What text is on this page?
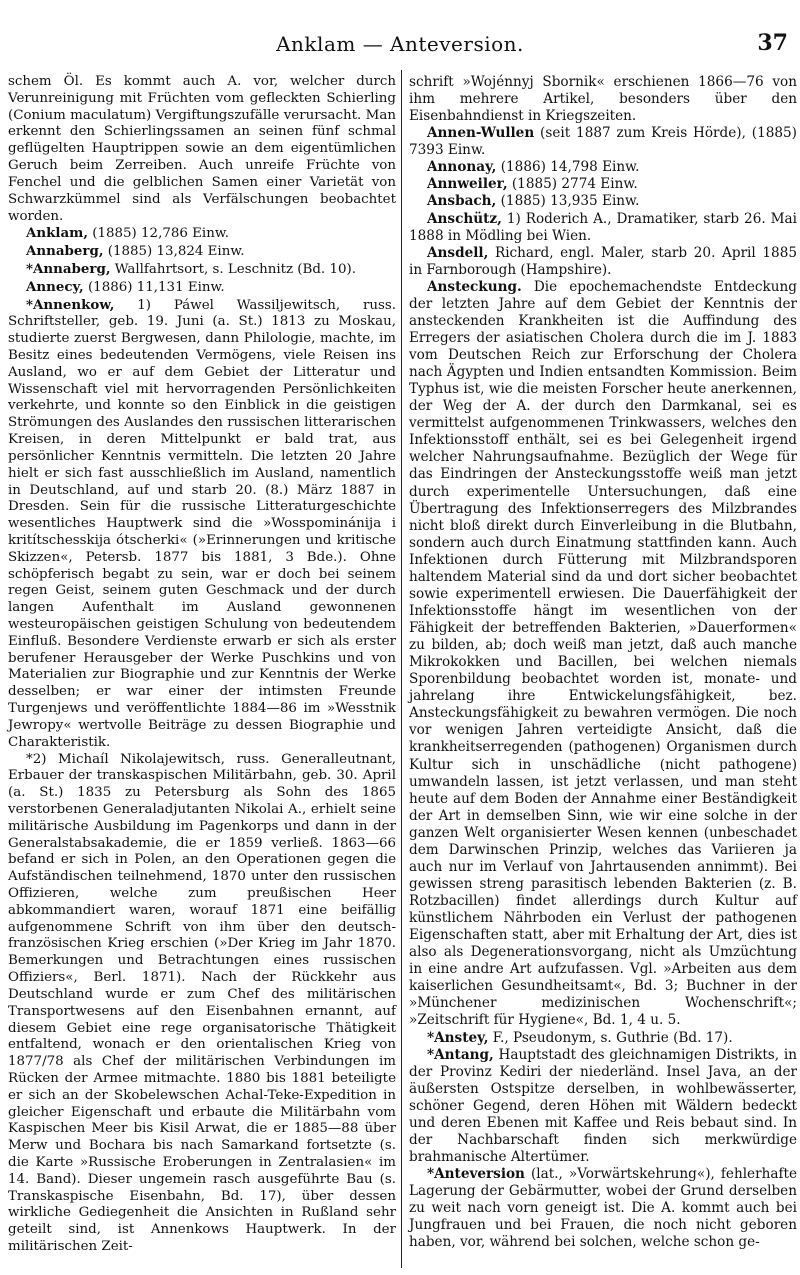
Anklam — Anteversion.	37

schem Öl. Es kommt auch A. vor, welcher durch Verunreinigung mit Früchten vom gefleckten Schierling (Conium maculatum) Vergiftungszufälle verursacht. Man erkennt den Schierlingssamen an seinen fünf schmal geflügelten Hauptrippen sowie an dem eigentümlichen Geruch beim Zerreiben. Auch unreife Früchte von Fenchel und die gelblichen Samen einer Varietät von Schwarzkümmel sind als Verfälschungen beobachtet worden.

Anklam, (1885) 12,786 Einw.

Annaberg, (1885) 13,824 Einw.

*Annaberg, Wallfahrtsort, s. Leschnitz (Bd. 10).

Annecy, (1886) 11,131 Einw.

*Annenkow, 1) Páwel Wassiljewitsch, russ. Schriftsteller, geb. 19. Juni (a. St.) 1813 zu Moskau, studierte zuerst Bergwesen, dann Philologie, machte, im Besitz eines bedeutenden Vermögens, viele Reisen ins Ausland, wo er auf dem Gebiet der Litteratur und Wissenschaft viel mit hervorragenden Persönlichkeiten verkehrte, und konnte so den Einblick in die geistigen Strömungen des Auslandes den russischen litterarischen Kreisen, in deren Mittelpunkt er bald trat, aus persönlicher Kenntnis vermitteln. Die letzten 20 Jahre hielt er sich fast ausschließlich im Ausland, namentlich in Deutschland, auf und starb 20. (8.) März 1887 in Dresden. Sein für die russische Litteraturgeschichte wesentliches Hauptwerk sind die »Wosspominánija i kritítschesskija ótscherki« (»Erinnerungen und kritische Skizzen«, Petersb. 1877 bis 1881, 3 Bde.). Ohne schöpferisch begabt zu sein, war er doch bei seinem regen Geist, seinem guten Geschmack und der durch langen Aufenthalt im Ausland gewonnenen westeuropäischen geistigen Schulung von bedeutendem Einfluß. Besondere Verdienste erwarb er sich als erster berufener Herausgeber der Werke Puschkins und von Materialien zur Biographie und zur Kenntnis der Werke desselben; er war einer der intimsten Freunde Turgenjews und veröffentlichte 1884—86 im »Wesstnik Jewropy« wertvolle Beiträge zu dessen Biographie und Charakteristik.

*2) Michaíl Nikolajewitsch, russ. Generalleutnant, Erbauer der transkaspischen Militärbahn, geb. 30. April (a. St.) 1835 zu Petersburg als Sohn des 1865 verstorbenen Generaladjutanten Nikolai A., erhielt seine militärische Ausbildung im Pagenkorps und dann in der Generalstabsakademie, die er 1859 verließ. 1863—66 befand er sich in Polen, an den Operationen gegen die Aufständischen teilnehmend, 1870 unter den russischen Offizieren, welche zum preußischen Heer abkommandiert waren, worauf 1871 eine beifällig aufgenommene Schrift von ihm über den deutsch-französischen Krieg erschien (»Der Krieg im Jahr 1870. Bemerkungen und Betrachtungen eines russischen Offiziers«, Berl. 1871). Nach der Rückkehr aus Deutschland wurde er zum Chef des militärischen Transportwesens auf den Eisenbahnen ernannt, auf diesem Gebiet eine rege organisatorische Thätigkeit entfaltend, wonach er den orientalischen Krieg von 1877/78 als Chef der militärischen Verbindungen im Rücken der Armee mitmachte. 1880 bis 1881 beteiligte er sich an der Skobelewschen Achal-Teke-Expedition in gleicher Eigenschaft und erbaute die Militärbahn vom Kaspischen Meer bis Kisil Arwat, die er 1885—88 über Merw und Bochara bis nach Samarkand fortsetzte (s. die Karte »Russische Eroberungen in Zentralasien« im 14. Band). Dieser ungemein rasch ausgeführte Bau (s. Transkaspische Eisenbahn, Bd. 17), über dessen wirkliche Gediegenheit die Ansichten in Rußland sehr geteilt sind, ist Annenkows Hauptwerk. In der militärischen Zeit-

schrift »Wojénnyj Sbornik« erschienen 1866—76 von ihm mehrere Artikel, besonders über den Eisenbahndienst in Kriegszeiten.

Annen-Wullen (seit 1887 zum Kreis Hörde), (1885) 7393 Einw.

Annonay, (1886) 14,798 Einw.

Annweiler, (1885) 2774 Einw.

Ansbach, (1885) 13,935 Einw.

Anschütz, 1) Roderich A., Dramatiker, starb 26. Mai 1888 in Mödling bei Wien.

Ansdell, Richard, engl. Maler, starb 20. April 1885 in Farnborough (Hampshire).

Ansteckung. Die epochemachendste Entdeckung der letzten Jahre auf dem Gebiet der Kenntnis der ansteckenden Krankheiten ist die Auffindung des Erregers der asiatischen Cholera durch die im J. 1883 vom Deutschen Reich zur Erforschung der Cholera nach Ägypten und Indien entsandten Kommission. Beim Typhus ist, wie die meisten Forscher heute anerkennen, der Weg der A. der durch den Darmkanal, sei es vermittelst aufgenommenen Trinkwassers, welches den Infektionsstoff enthält, sei es bei Gelegenheit irgend welcher Nahrungsaufnahme. Bezüglich der Wege für das Eindringen der Ansteckungsstoffe weiß man jetzt durch experimentelle Untersuchungen, daß eine Übertragung des Infektionserregers des Milzbrandes nicht bloß direkt durch Einverleibung in die Blutbahn, sondern auch durch Einatmung stattfinden kann. Auch Infektionen durch Fütterung mit Milzbrandsporen haltendem Material sind da und dort sicher beobachtet sowie experimentell erwiesen. Die Dauerfähigkeit der Infektionsstoffe hängt im wesentlichen von der Fähigkeit der betreffenden Bakterien, »Dauerformen« zu bilden, ab; doch weiß man jetzt, daß auch manche Mikrokokken und Bacillen, bei welchen niemals Sporenbildung beobachtet worden ist, monate- und jahrelang ihre Entwickelungsfähigkeit, bez. Ansteckungsfähigkeit zu bewahren vermögen. Die noch vor wenigen Jahren verteidigte Ansicht, daß die krankheitserregenden (pathogenen) Organismen durch Kultur sich in unschädliche (nicht pathogene) umwandeln lassen, ist jetzt verlassen, und man steht heute auf dem Boden der Annahme einer Beständigkeit der Art in demselben Sinn, wie wir eine solche in der ganzen Welt organisierter Wesen kennen (unbeschadet dem Darwinschen Prinzip, welches das Variieren ja auch nur im Verlauf von Jahrtausenden annimmt). Bei gewissen streng parasitisch lebenden Bakterien (z. B. Rotzbacillen) findet allerdings durch Kultur auf künstlichem Nährboden ein Verlust der pathogenen Eigenschaften statt, aber mit Erhaltung der Art, dies ist also als Degenerationsvorgang, nicht als Umzüchtung in eine andre Art aufzufassen. Vgl. »Arbeiten aus dem kaiserlichen Gesundheitsamt«, Bd. 3; Buchner in der »Münchener medizinischen Wochenschrift«; »Zeitschrift für Hygiene«, Bd. 1, 4 u. 5.

*Anstey, F., Pseudonym, s. Guthrie (Bd. 17).

*Antang, Hauptstadt des gleichnamigen Distrikts, in der Provinz Kediri der niederländ. Insel Java, an der äußersten Ostspitze derselben, in wohlbewässerter, schöner Gegend, deren Höhen mit Wäldern bedeckt und deren Ebenen mit Kaffee und Reis bebaut sind. In der Nachbarschaft finden sich merkwürdige brahmanische Altertümer.

*Anteversion (lat., »Vorwärtskehrung«), fehlerhafte Lagerung der Gebärmutter, wobei der Grund derselben zu weit nach vorn geneigt ist. Die A. kommt auch bei Jungfrauen und bei Frauen, die noch nicht geboren haben, vor, während bei solchen, welche schon ge-
